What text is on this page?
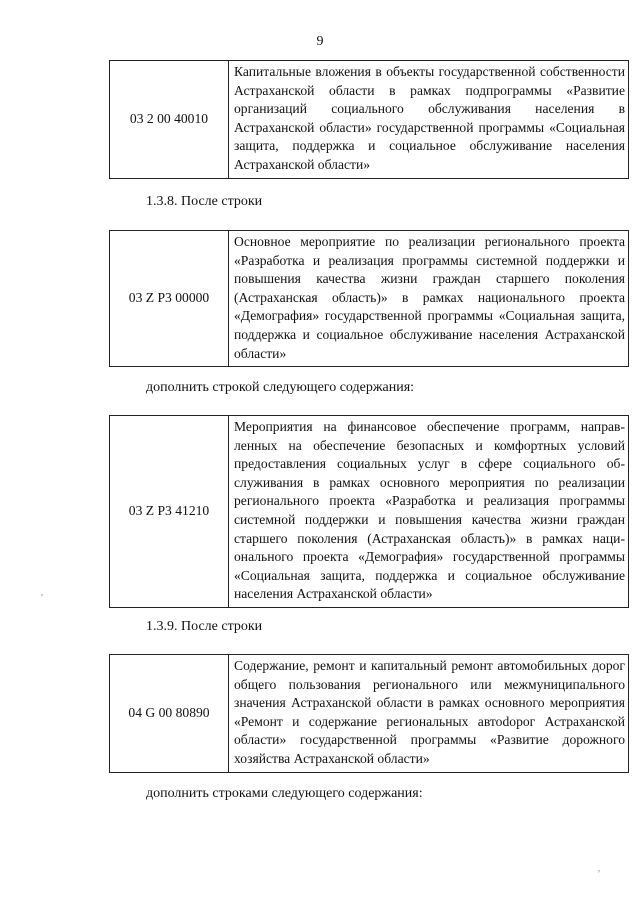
9
03 2 00 40010	Капитальные вложения в объекты государственной собственности Астраханской области в рамках подпрограммы «Развитие организаций социального обслуживания населения в Астраханской области» государственной программы «Социальная защита, поддержка и социальное обслуживание населения Астраханской области»
1.3.8. После строки
03 Z Р3 00000	Основное мероприятие по реализации регионального проекта «Разработка и реализация программы системной поддержки и повышения качества жизни граждан старшего поколения (Астраханская область)» в рамках национального проекта «Демография» государственной программы «Социальная защита, поддержка и социальное обслуживание населения Астраханской области»
дополнить строкой следующего содержания:
03 Z Р3 41210	Мероприятия на финансовое обеспечение программ, направленных на обеспечение безопасных и комфортных условий предоставления социальных услуг в сфере социального обслуживания в рамках основного мероприятия по реализации регионального проекта «Разработка и реализация программы системной поддержки и повышения качества жизни граждан старшего поколения (Астраханская область)» в рамках национального проекта «Демография» государственной программы «Социальная защита, поддержка и социальное обслуживание населения Астраханской области»
’
1.3.9. После строки
04 G 00 80890	Содержание, ремонт и капитальный ремонт автомобильных дорог общего пользования регионального или межмуниципального значения Астраханской области в рамках основного мероприятия «Ремонт и содержание региональных автоdорог Астраханской области» государственной программы «Развитие дорожного хозяйства Астраханской области»
дополнить строками следующего содержания:
’
